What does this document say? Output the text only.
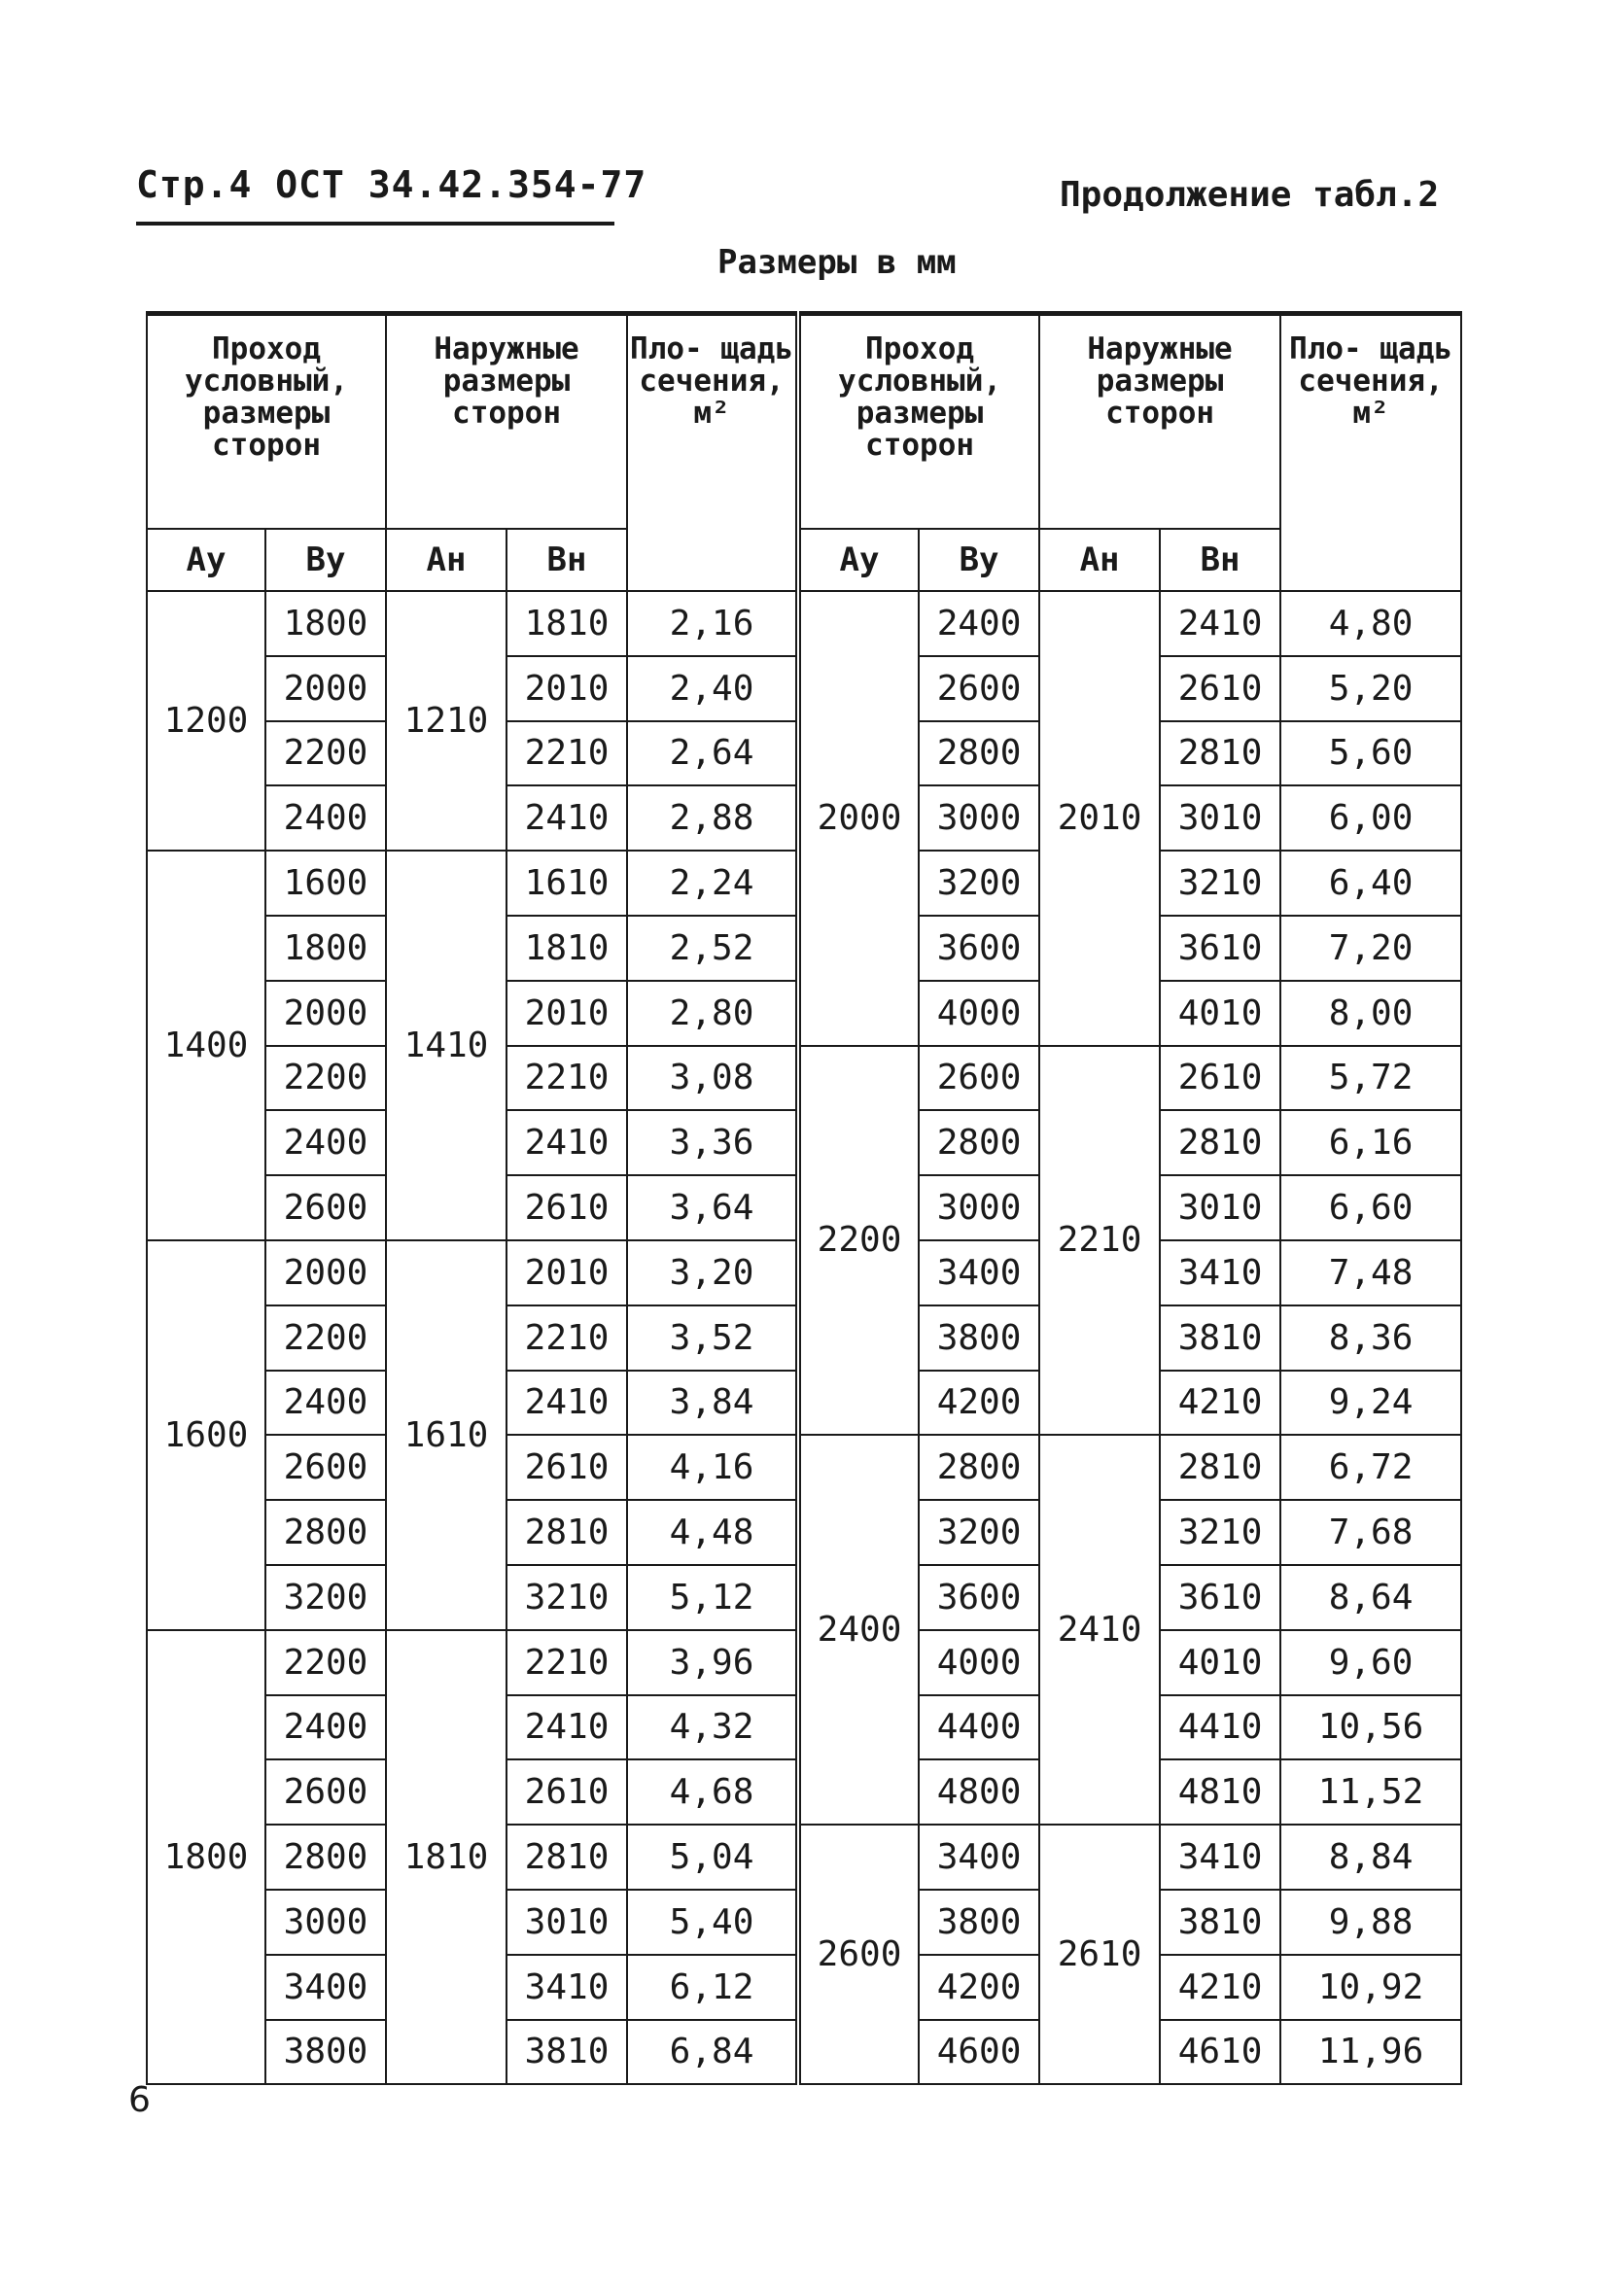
Стр.4 ОСТ 34.42.354-77	Продолжение табл.2
Размеры в мм
Проход условный, размеры сторон		Наружные размеры сторон		Пло- щадь сечения, м²	Проход условный, размеры сторон		Наружные размеры сторон		Пло- щадь сечения, м²
Aу	Bу	Aн	Bн		Aу	Bу	Aн	Bн	
1200	1800	1210	1810	2,16	2000	2400	2010	2410	4,80
	2000		2010	2,40		2600		2610	5,20
	2200		2210	2,64		2800		2810	5,60
	2400		2410	2,88		3000		3010	6,00
1400	1600	1410	1610	2,24		3200		3210	6,40
	1800		1810	2,52		3600		3610	7,20
	2000		2010	2,80		4000		4010	8,00
	2200		2210	3,08	2200	2600	2210	2610	5,72
	2400		2410	3,36		2800		2810	6,16
	2600		2610	3,64		3000		3010	6,60
1600	2000	1610	2010	3,20		3400		3410	7,48
	2200		2210	3,52		3800		3810	8,36
	2400		2410	3,84		4200		4210	9,24
	2600		2610	4,16	2400	2800	2410	2810	6,72
	2800		2810	4,48		3200		3210	7,68
	3200		3210	5,12		3600		3610	8,64
1800	2200	1810	2210	3,96		4000		4010	9,60
	2400		2410	4,32		4400		4410	10,56
	2600		2610	4,68		4800		4810	11,52
	2800		2810	5,04	2600	3400	2610	3410	8,84
	3000		3010	5,40		3800		3810	9,88
	3400		3410	6,12		4200		4210	10,92
	3800		3810	6,84		4600		4610	11,96
6
